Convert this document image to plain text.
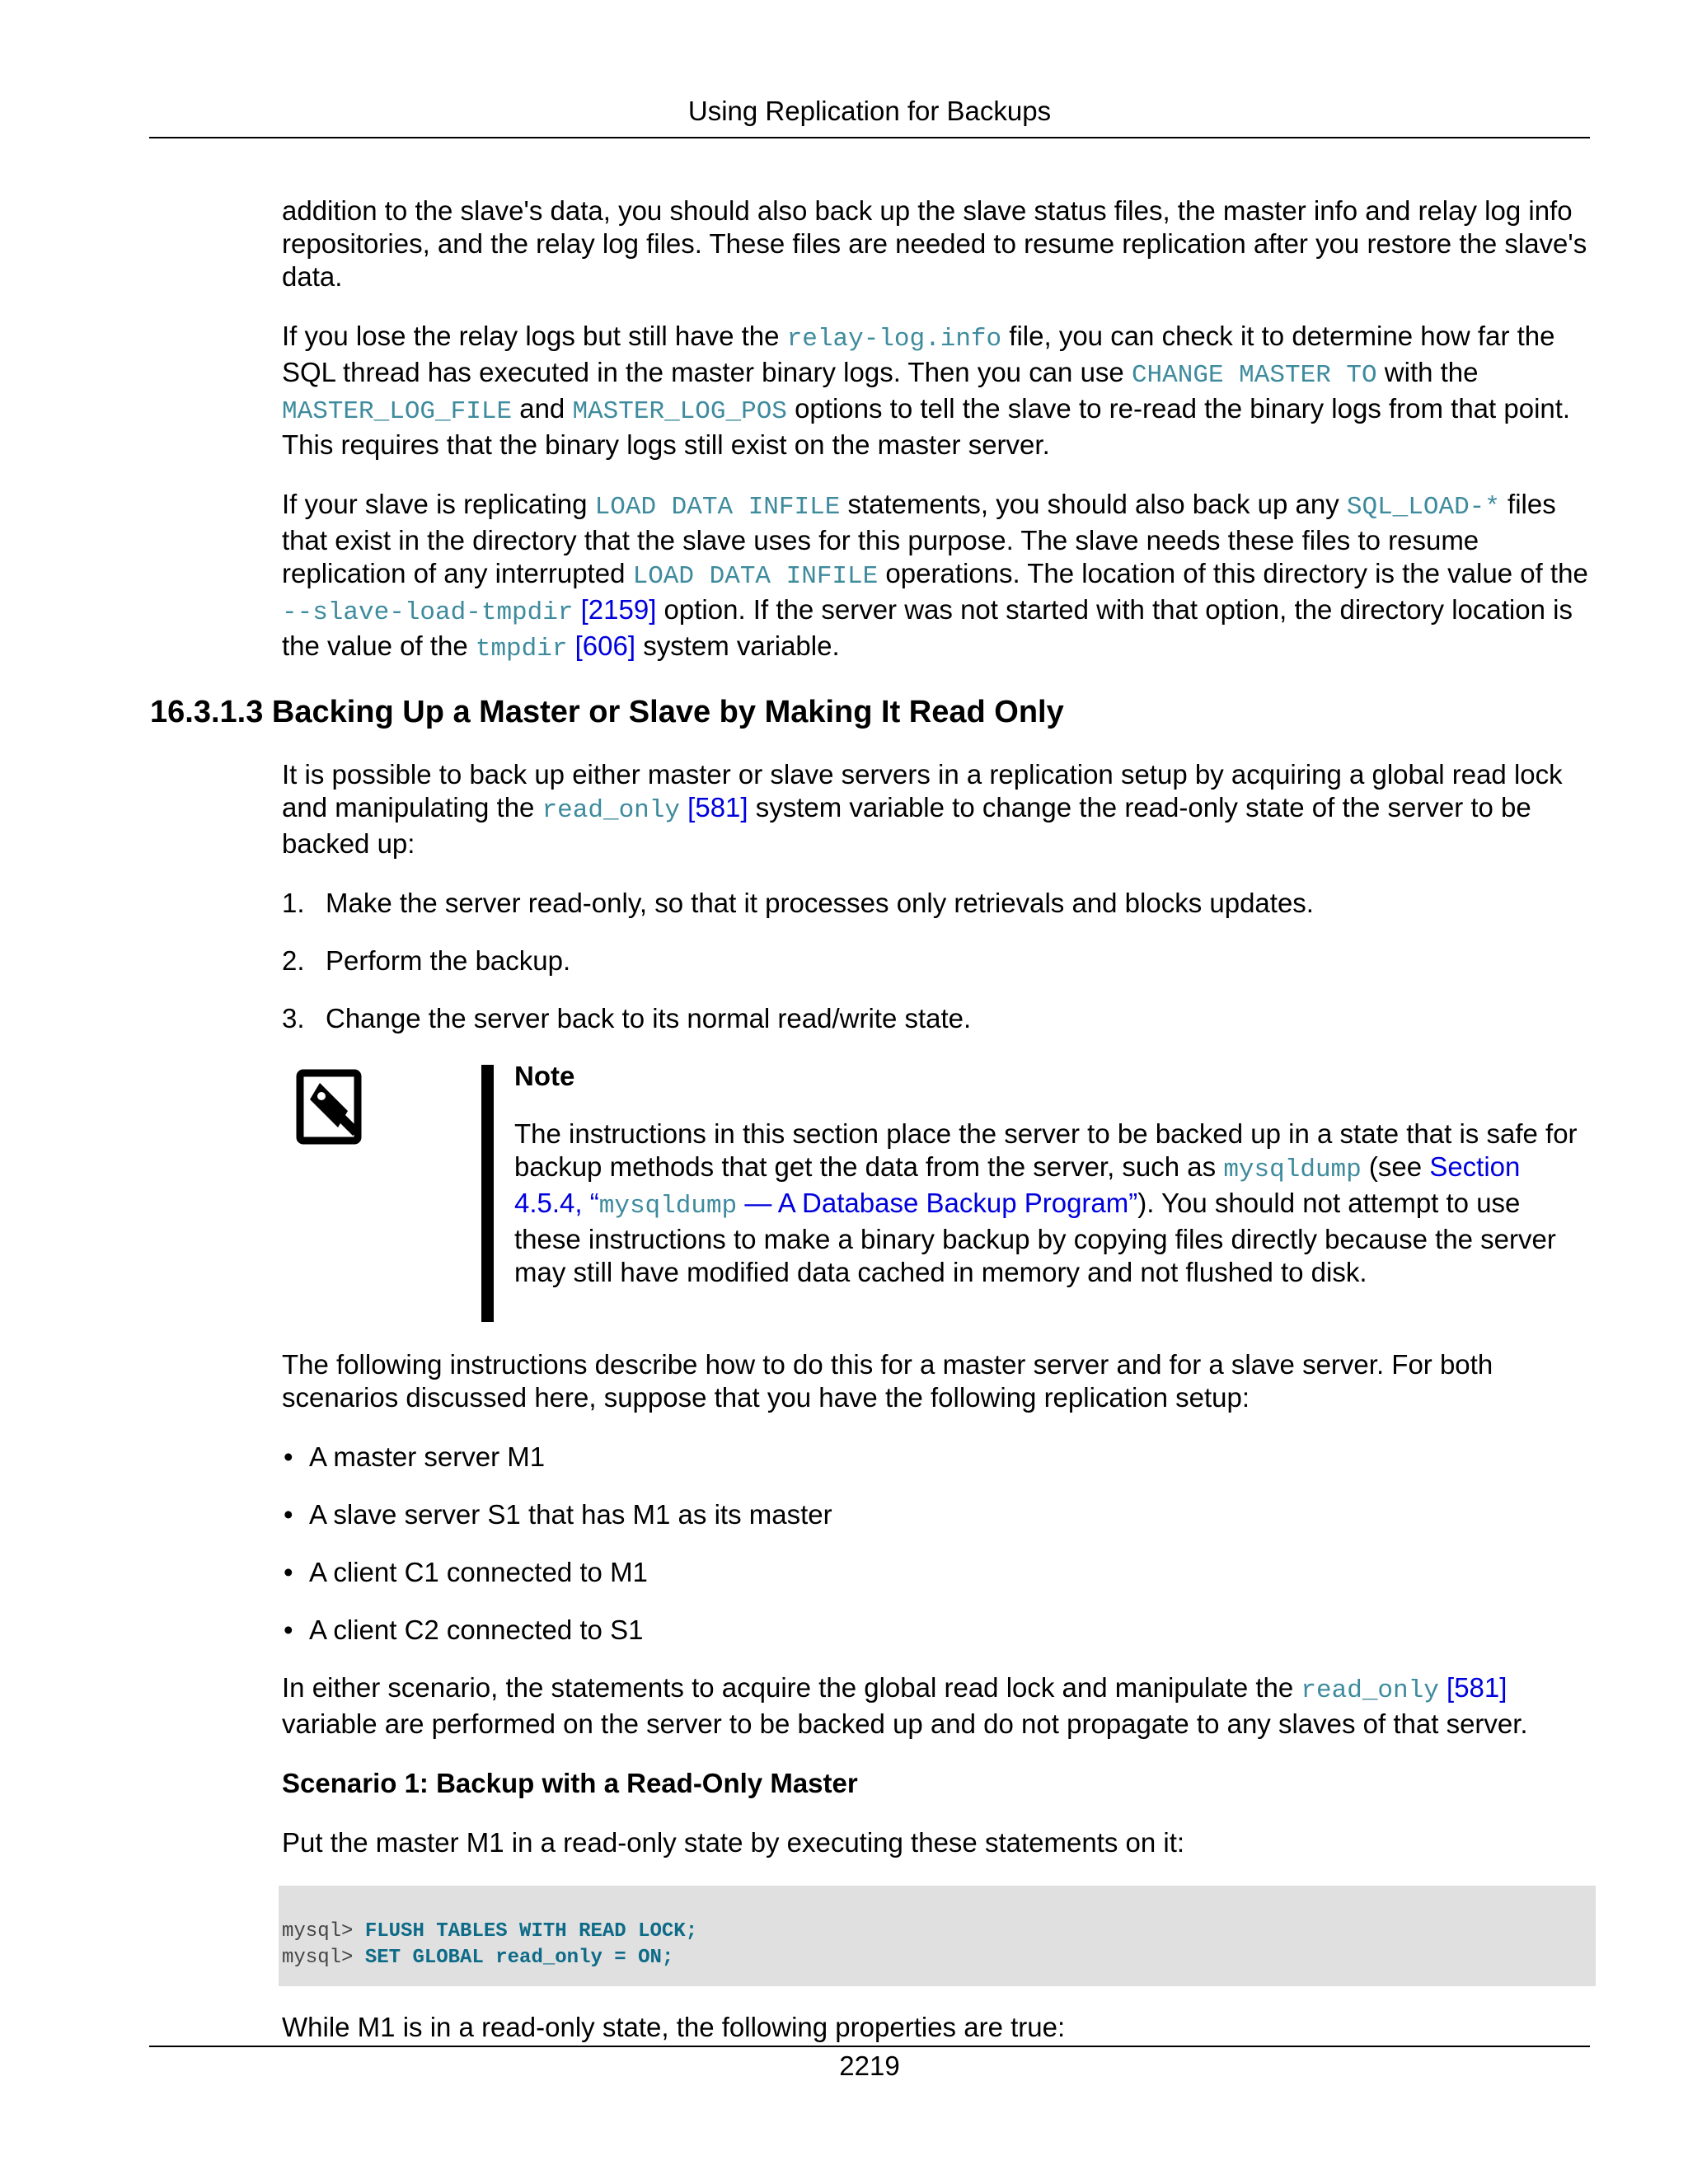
Using Replication for Backups

addition to the slave's data, you should also back up the slave status files, the master info and relay log info repositories, and the relay log files. These files are needed to resume replication after you restore the slave's data.

If you lose the relay logs but still have the relay-log.info file, you can check it to determine how far the SQL thread has executed in the master binary logs. Then you can use CHANGE MASTER TO with the MASTER_LOG_FILE and MASTER_LOG_POS options to tell the slave to re-read the binary logs from that point. This requires that the binary logs still exist on the master server.

If your slave is replicating LOAD DATA INFILE statements, you should also back up any SQL_LOAD-* files that exist in the directory that the slave uses for this purpose. The slave needs these files to resume replication of any interrupted LOAD DATA INFILE operations. The location of this directory is the value of the --slave-load-tmpdir [2159] option. If the server was not started with that option, the directory location is the value of the tmpdir [606] system variable.

16.3.1.3 Backing Up a Master or Slave by Making It Read Only

It is possible to back up either master or slave servers in a replication setup by acquiring a global read lock and manipulating the read_only [581] system variable to change the read-only state of the server to be backed up:

1. Make the server read-only, so that it processes only retrievals and blocks updates.
2. Perform the backup.
3. Change the server back to its normal read/write state.

Note

The instructions in this section place the server to be backed up in a state that is safe for backup methods that get the data from the server, such as mysqldump (see Section 4.5.4, “mysqldump — A Database Backup Program”). You should not attempt to use these instructions to make a binary backup by copying files directly because the server may still have modified data cached in memory and not flushed to disk.

The following instructions describe how to do this for a master server and for a slave server. For both scenarios discussed here, suppose that you have the following replication setup:

• A master server M1
• A slave server S1 that has M1 as its master
• A client C1 connected to M1
• A client C2 connected to S1

In either scenario, the statements to acquire the global read lock and manipulate the read_only [581] variable are performed on the server to be backed up and do not propagate to any slaves of that server.

Scenario 1: Backup with a Read-Only Master

Put the master M1 in a read-only state by executing these statements on it:

mysql> FLUSH TABLES WITH READ LOCK;
mysql> SET GLOBAL read_only = ON;

While M1 is in a read-only state, the following properties are true:

2219
